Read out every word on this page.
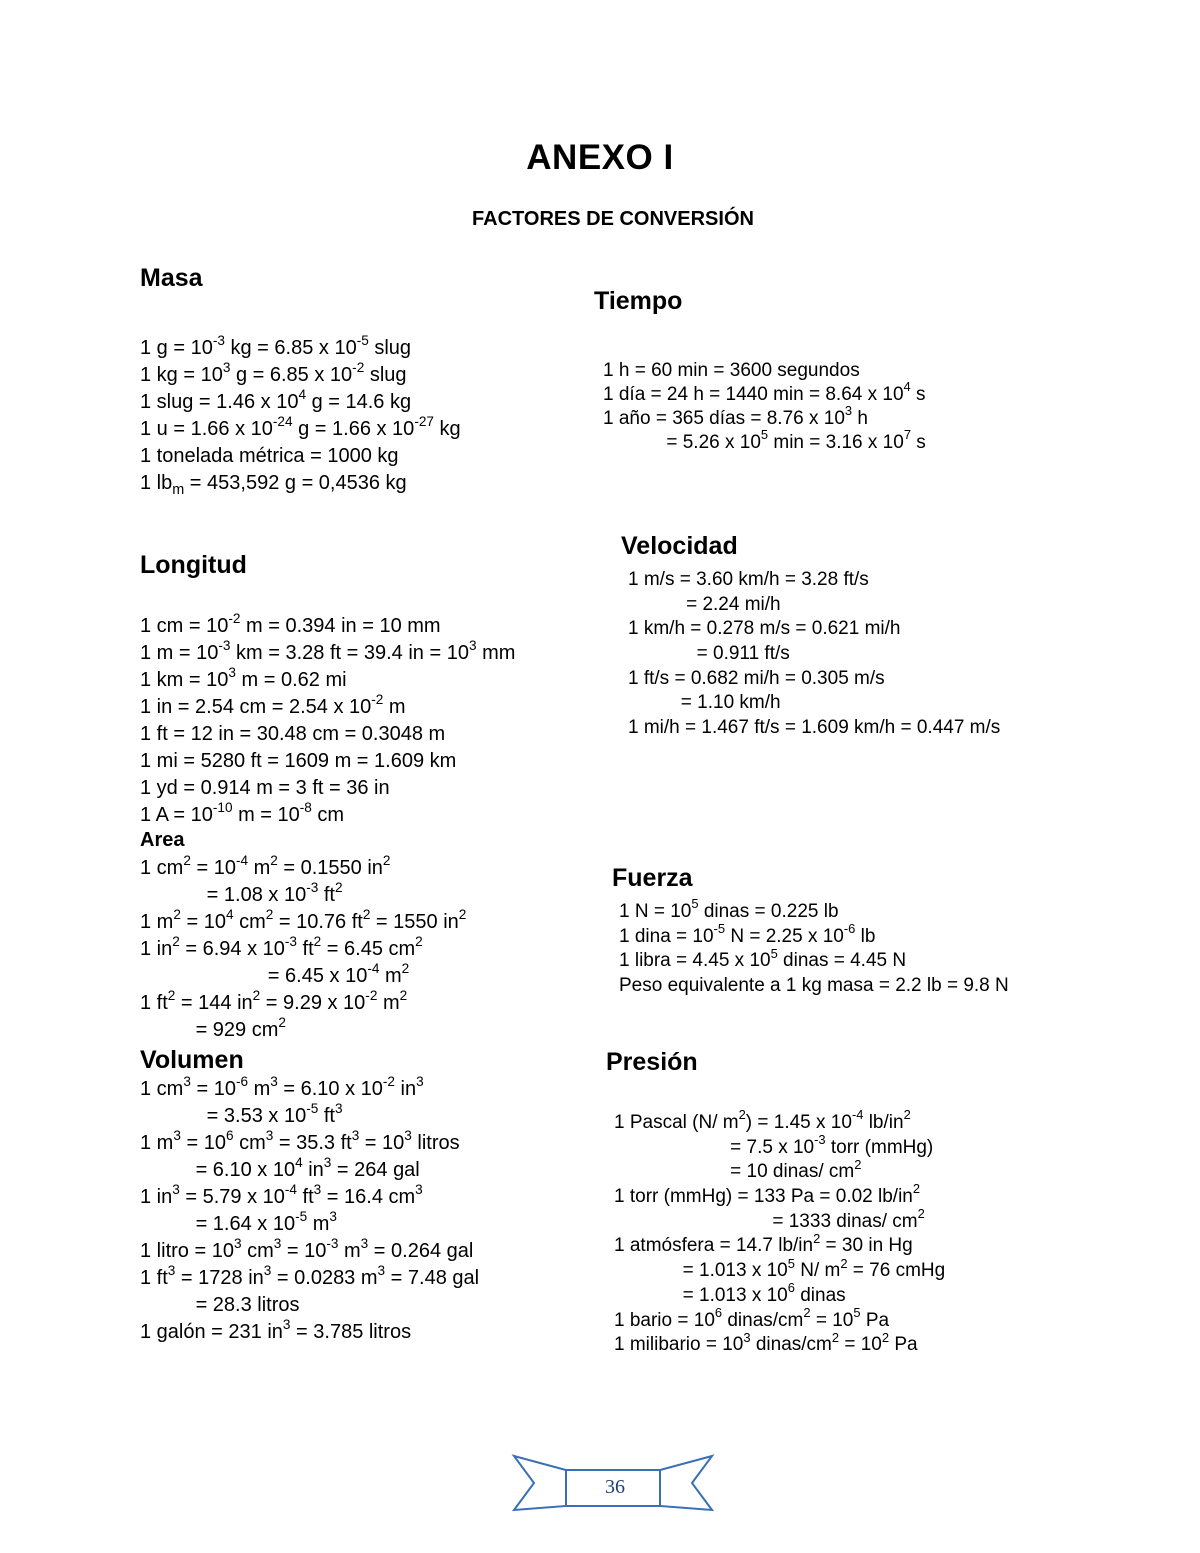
ANEXO I
FACTORES DE CONVERSIÓN
Masa
1 $g = 10^{-3}$ kg = 6.85 x $10^{-5}$ slug
1 kg = $10^3$ g = 6.85 x $10^{-2}$ slug
1 slug = 1.46 x $10^4$ g = 14.6 kg
1 u = 1.66 x $10^{-24}$ g = 1.66 x $10^{-27}$ kg
1 tonelada métrica = 1000 kg
1 $lb_m = 453,592$ g = 0,4536 kg
Longitud
1 cm = $10^{-2}$ m = 0.394 in = 10 mm
1 $m = 10^{-3}$ km = 3.28 ft = 39.4 in = $10^3$ mm
1 km = $10^3$ m = 0.62 mi
1 in = 2.54 cm = 2.54 x $10^{-2}$ m
1 ft = 12 in = 30.48 cm = 0.3048 m
1 mi = 5280 ft = 1609 m = 1.609 km
1 yd = 0.914 m = 3 ft = 36 in
1 $A = 10^{-10}$ $m = 10^{-8}$ cm
Area
1 $cm^2 = 10^{-4}$ $m^2 = 0.1550$ $in^2$
= 1.08 x $10^{-3}$ $ft^2$
1 $m^2 = 10^4$ $cm^2 = 10.76$ $ft^2 = 1550$ $in^2$
1 $in^2 = 6.94$ x $10^{-3}$ $ft^2 = 6.45$ $cm^2$
= 6.45 x $10^{-4}$ $m^2$
1 $ft^2 = 144$ $in^2 = 9.29$ x $10^{-2}$ $m^2$
= 929 $cm^2$
Volumen
1 $cm^3 = 10^{-6}$ $m^3 = 6.10$ x $10^{-2}$ $in^3$
= 3.53 x $10^{-5}$ $ft^3$
1 $m^3 = 10^6$ $cm^3 = 35.3$ $ft^3 = 10^3$ litros
= 6.10 x $10^4$ $in^3 = 264$ gal
1 $in^3 = 5.79$ x $10^{-4}$ $ft^3 = 16.4$ $cm^3$
= 1.64 x $10^{-5}$ $m^3$
1 litro = $10^3$ $cm^3 = 10^{-3}$ $m^3 = 0.264$ gal
1 $ft^3 = 1728$ $in^3 = 0.0283$ $m^3 = 7.48$ gal
= 28.3 litros
1 galón = 231 $in^3 = 3.785$ litros
Tiempo
1 h = 60 min = 3600 segundos
1 día = 24 h = 1440 min = 8.64 x $10^4$ s
1 año = 365 días = 8.76 x $10^3$ h
= 5.26 x $10^5$ min = 3.16 x $10^7$ s
Velocidad
1 m/s = 3.60 km/h = 3.28 ft/s
= 2.24 mi/h
1 km/h = 0.278 m/s = 0.621 mi/h
= 0.911 ft/s
1 ft/s = 0.682 mi/h = 0.305 m/s
= 1.10 km/h
1 mi/h = 1.467 ft/s = 1.609 km/h = 0.447 m/s
Fuerza
1 $N = 10^5$ dinas = 0.225 lb
1 dina = $10^{-5}$ N = 2.25 x $10^{-6}$ lb
1 libra = 4.45 x $10^5$ dinas = 4.45 N
Peso equivalente a 1 kg masa = 2.2 lb = 9.8 N
Presión
1 Pascal (N/ $m^2) = 1.45$ x $10^{-4}$ $lb/in^2$
= 7.5 x $10^{-3}$ torr (mmHg)
= 10 dinas/ $cm^2$
1 torr (mmHg) = 133 Pa = 0.02 $lb/in^2$
= 1333 dinas/ $cm^2$
1 atmósfera = 14.7 $lb/in^2 = 30$ in Hg
= 1.013 x $10^5$ N/ $m^2 = 76$ cmHg
= 1.013 x $10^6$ dinas
1 bario = $10^6$ dinas/$cm^2 = 10^5$ Pa
1 milibario = $10^3$ dinas/$cm^2 = 10^2$ Pa
36
